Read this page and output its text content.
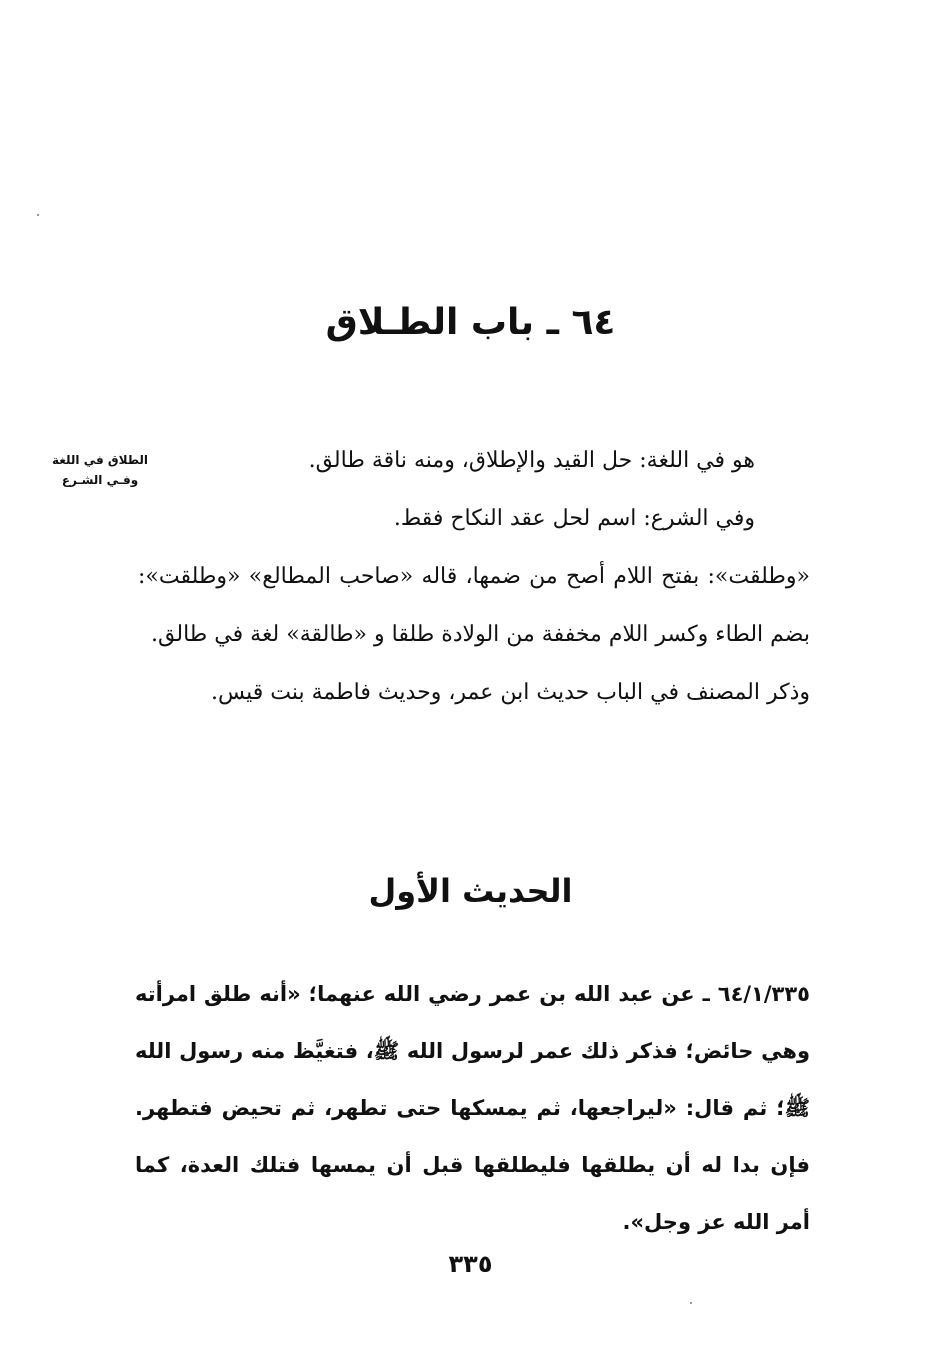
٦٤ ـ باب الطـلاق
الطلاق في اللغة
وفـي الشـرع

هو في اللغة: حل القيد والإطلاق، ومنه ناقة طالق.

وفي الشرع: اسم لحل عقد النكاح فقط.

«وطلقت»: بفتح اللام أصح من ضمها، قاله «صاحب المطالع» «وطلقت»: بضم الطاء وكسر اللام مخففة من الولادة طلقا و «طالقة» لغة في طالق.

وذكر المصنف في الباب حديث ابن عمر، وحديث فاطمة بنت قيس.

الحديث الأول

٦٤/١/٣٣٥ ـ عن عبد الله بن عمر رضي الله عنهما؛ «أنه طلق امرأته وهي حائض؛ فذكر ذلك عمر لرسول الله ﷺ، فتغيَّظ منه رسول الله ﷺ؛ ثم قال: «ليراجعها، ثم يمسكها حتى تطهر، ثم تحيض فتطهر. فإن بدا له أن يطلقها فليطلقها قبل أن يمسها فتلك العدة، كما أمر الله عز وجل».

٣٣٥
